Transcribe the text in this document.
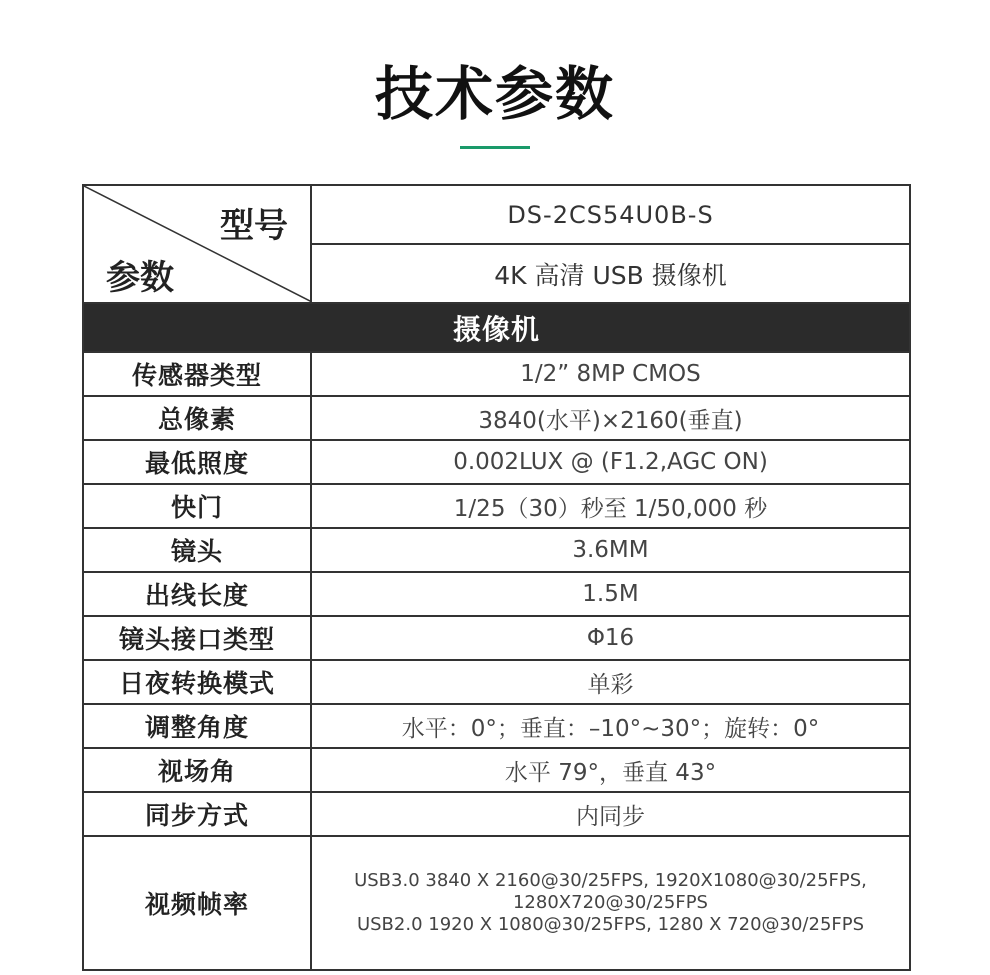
技术参数
型号
参数	DS-2CS54U0B-S
	4K 高清 USB 摄像机
摄像机	
传感器类型	1/2” 8MP CMOS
总像素	3840(水平)×2160(垂直)
最低照度	0.002LUX @ (F1.2,AGC ON)
快门	1/25（30）秒至 1/50,000 秒
镜头	3.6MM
出线长度	1.5M
镜头接口类型	Φ16
日夜转换模式	单彩
调整角度	水平：0°；垂直：–10°~30°；旋转：0°
视场角	水平 79°，垂直 43°
同步方式	内同步
视频帧率	USB3.0 3840 X 2160@30/25FPS, 1920X1080@30/25FPS,
1280X720@30/25FPS
USB2.0 1920 X 1080@30/25FPS, 1280 X 720@30/25FPS
